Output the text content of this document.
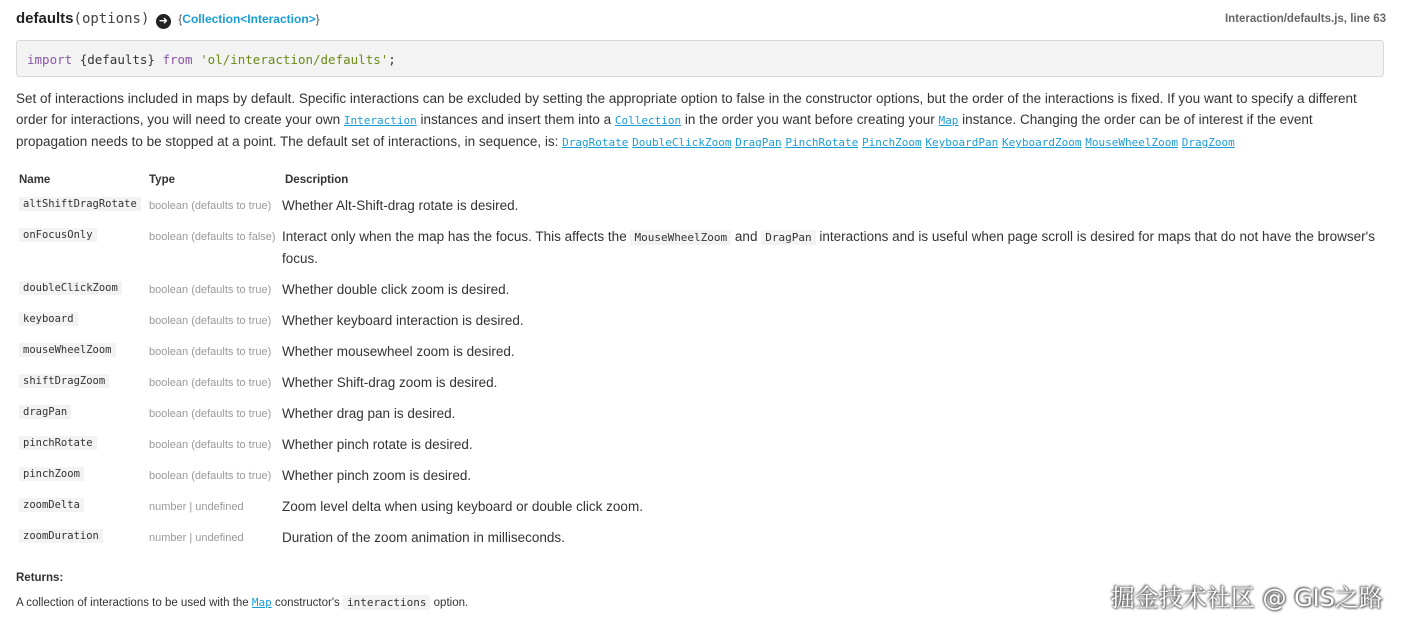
defaults(options) ➜ {Collection<Interaction>}	Interaction/defaults.js, line 63
import {defaults} from 'ol/interaction/defaults';
Set of interactions included in maps by default. Specific interactions can be excluded by setting the appropriate option to false in the constructor options, but the order of the interactions is fixed. If you want to specify a different order for interactions, you will need to create your own Interaction instances and insert them into a Collection in the order you want before creating your Map instance. Changing the order can be of interest if the event propagation needs to be stopped at a point. The default set of interactions, in sequence, is: DragRotate DoubleClickZoom DragPan PinchRotate PinchZoom KeyboardPan KeyboardZoom MouseWheelZoom DragZoom
Name	Type	Description
altShiftDragRotate	boolean (defaults to true)	Whether Alt-Shift-drag rotate is desired.
onFocusOnly	boolean (defaults to false)	Interact only when the map has the focus. This affects the MouseWheelZoom and DragPan interactions and is useful when page scroll is desired for maps that do not have the browser's focus.
doubleClickZoom	boolean (defaults to true)	Whether double click zoom is desired.
keyboard	boolean (defaults to true)	Whether keyboard interaction is desired.
mouseWheelZoom	boolean (defaults to true)	Whether mousewheel zoom is desired.
shiftDragZoom	boolean (defaults to true)	Whether Shift-drag zoom is desired.
dragPan	boolean (defaults to true)	Whether drag pan is desired.
pinchRotate	boolean (defaults to true)	Whether pinch rotate is desired.
pinchZoom	boolean (defaults to true)	Whether pinch zoom is desired.
zoomDelta	number | undefined	Zoom level delta when using keyboard or double click zoom.
zoomDuration	number | undefined	Duration of the zoom animation in milliseconds.
Returns:
A collection of interactions to be used with the Map constructor's interactions option.	掘金技术社区 @ GIS之路
